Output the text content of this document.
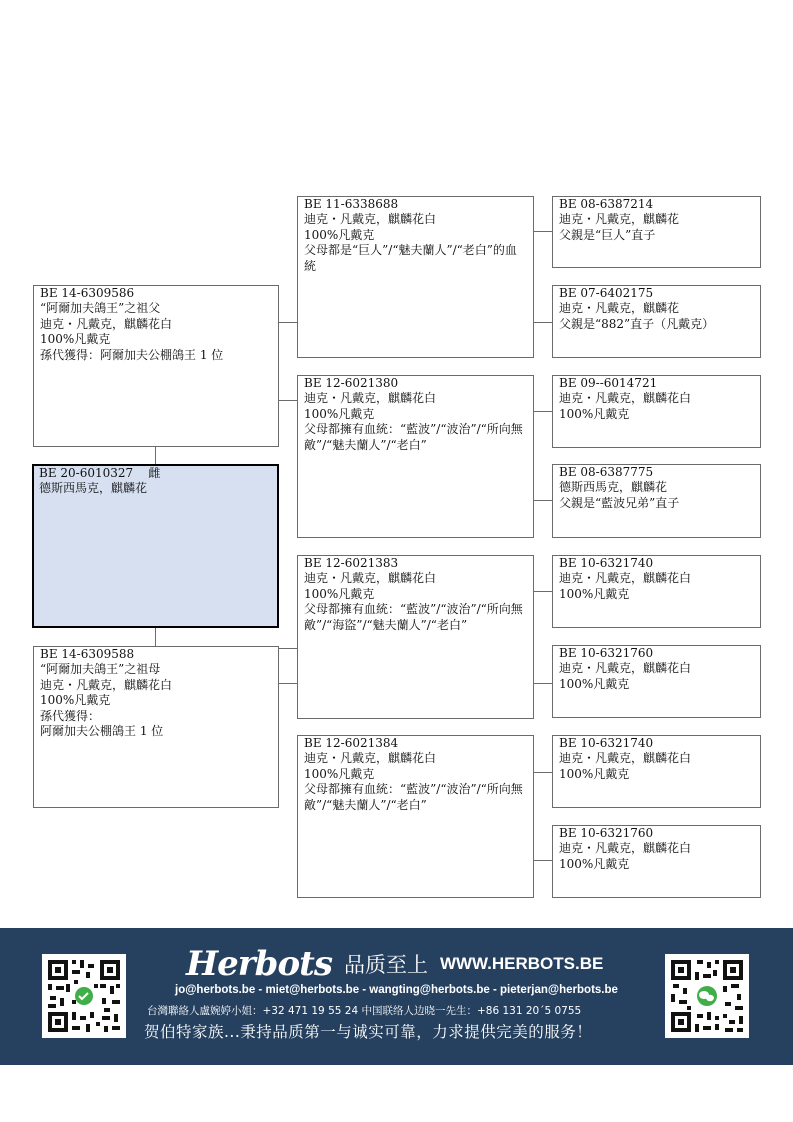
BE 20-6010327    雌
德斯西馬克，麒麟花
BE 14-6309586
“阿爾加夫鴿王”之祖父
迪克・凡戴克，麒麟花白
100%凡戴克
孫代獲得：阿爾加夫公棚鴿王 1 位
BE 14-6309588
“阿爾加夫鴿王”之祖母
迪克・凡戴克，麒麟花白
100%凡戴克
孫代獲得：
阿爾加夫公棚鴿王 1 位
BE 11-6338688
迪克・凡戴克，麒麟花白
100%凡戴克
父母都是“巨人”/“魅夫蘭人”/“老白”的血統
BE 12-6021380
迪克・凡戴克，麒麟花白
100%凡戴克
父母都擁有血統：“藍波”/“波治”/“所向無敵”/“魅夫蘭人”/“老白”
BE 12-6021383
迪克・凡戴克，麒麟花白
100%凡戴克
父母都擁有血統：“藍波”/“波治”/“所向無敵”/“海盜”/“魅夫蘭人”/“老白”
BE 12-6021384
迪克・凡戴克，麒麟花白
100%凡戴克
父母都擁有血統：“藍波”/“波治”/“所向無敵”/“魅夫蘭人”/“老白”
BE 08-6387214
迪克・凡戴克，麒麟花
父親是“巨人”直子
BE 07-6402175
迪克・凡戴克，麒麟花
父親是“882”直子（凡戴克）
BE 09--6014721
迪克・凡戴克，麒麟花白
100%凡戴克
BE 08-6387775
德斯西馬克，麒麟花
父親是“藍波兄弟”直子
BE 10-6321740
迪克・凡戴克，麒麟花白
100%凡戴克
BE 10-6321760
迪克・凡戴克，麒麟花白
100%凡戴克
BE 10-6321740
迪克・凡戴克，麒麟花白
100%凡戴克
BE 10-6321760
迪克・凡戴克，麒麟花白
100%凡戴克
Herbots 品质至上 WWW.HERBOTS.BE
jo@herbots.be - miet@herbots.be - wangting@herbots.be - pieterjan@herbots.be
台灣聯絡人盧婉婷小姐：+32 471 19 55 24 中国联络人边晓一先生：+86 131 20´5 0755
贺伯特家族...秉持品质第一与诚实可靠，力求提供完美的服务！
